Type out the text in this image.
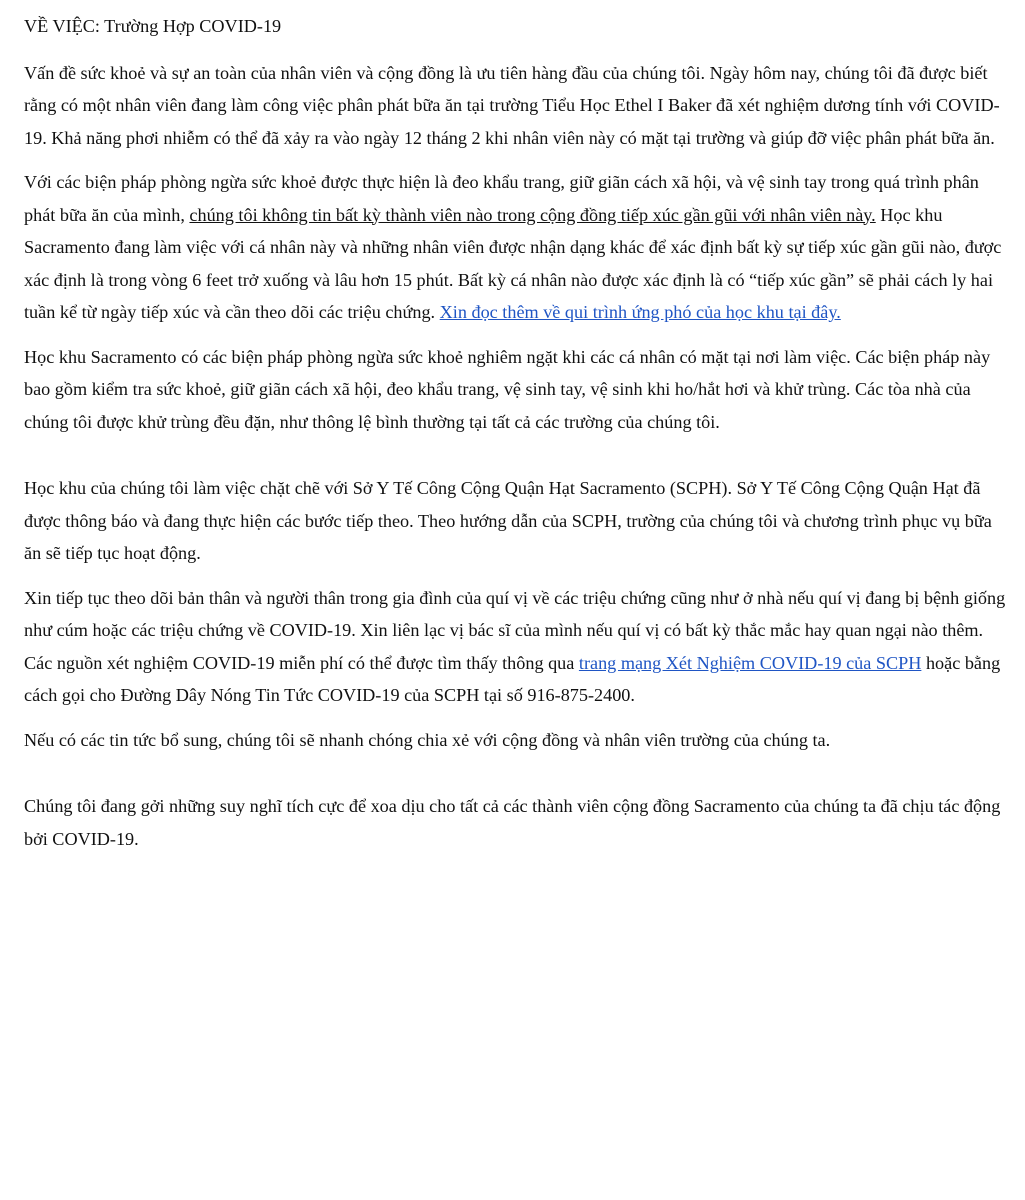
VỀ VIỆC: Trường Hợp COVID-19

Vấn đề sức khoẻ và sự an toàn của nhân viên và cộng đồng là ưu tiên hàng đầu của chúng tôi. Ngày hôm nay, chúng tôi đã được biết rằng có một nhân viên đang làm công việc phân phát bữa ăn tại trường Tiểu Học Ethel I Baker đã xét nghiệm dương tính với COVID-19. Khả năng phơi nhiễm có thể đã xảy ra vào ngày 12 tháng 2 khi nhân viên này có mặt tại trường và giúp đỡ việc phân phát bữa ăn.

Với các biện pháp phòng ngừa sức khoẻ được thực hiện là đeo khẩu trang, giữ giãn cách xã hội, và vệ sinh tay trong quá trình phân phát bữa ăn của mình, chúng tôi không tin bất kỳ thành viên nào trong cộng đồng tiếp xúc gần gũi với nhân viên này. Học khu Sacramento đang làm việc với cá nhân này và những nhân viên được nhận dạng khác để xác định bất kỳ sự tiếp xúc gần gũi nào, được xác định là trong vòng 6 feet trở xuống và lâu hơn 15 phút. Bất kỳ cá nhân nào được xác định là có “tiếp xúc gần” sẽ phải cách ly hai tuần kể từ ngày tiếp xúc và cần theo dõi các triệu chứng. Xin đọc thêm về qui trình ứng phó của học khu tại đây.

Học khu Sacramento có các biện pháp phòng ngừa sức khoẻ nghiêm ngặt khi các cá nhân có mặt tại nơi làm việc. Các biện pháp này bao gồm kiểm tra sức khoẻ, giữ giãn cách xã hội, đeo khẩu trang, vệ sinh tay, vệ sinh khi ho/hắt hơi và khử trùng. Các tòa nhà của chúng tôi được khử trùng đều đặn, như thông lệ bình thường tại tất cả các trường của chúng tôi.

Học khu của chúng tôi làm việc chặt chẽ với Sở Y Tế Công Cộng Quận Hạt Sacramento (SCPH). Sở Y Tế Công Cộng Quận Hạt đã được thông báo và đang thực hiện các bước tiếp theo. Theo hướng dẫn của SCPH, trường của chúng tôi và chương trình phục vụ bữa ăn sẽ tiếp tục hoạt động.

Xin tiếp tục theo dõi bản thân và người thân trong gia đình của quí vị về các triệu chứng cũng như ở nhà nếu quí vị đang bị bệnh giống như cúm hoặc các triệu chứng về COVID-19. Xin liên lạc vị bác sĩ của mình nếu quí vị có bất kỳ thắc mắc hay quan ngại nào thêm. Các nguồn xét nghiệm COVID-19 miễn phí có thể được tìm thấy thông qua trang mạng Xét Nghiệm COVID-19 của SCPH hoặc bằng cách gọi cho Đường Dây Nóng Tin Tức COVID-19 của SCPH tại số 916-875-2400.

Nếu có các tin tức bổ sung, chúng tôi sẽ nhanh chóng chia xẻ với cộng đồng và nhân viên trường của chúng ta.

Chúng tôi đang gởi những suy nghĩ tích cực để xoa dịu cho tất cả các thành viên cộng đồng Sacramento của chúng ta đã chịu tác động bởi COVID-19.
